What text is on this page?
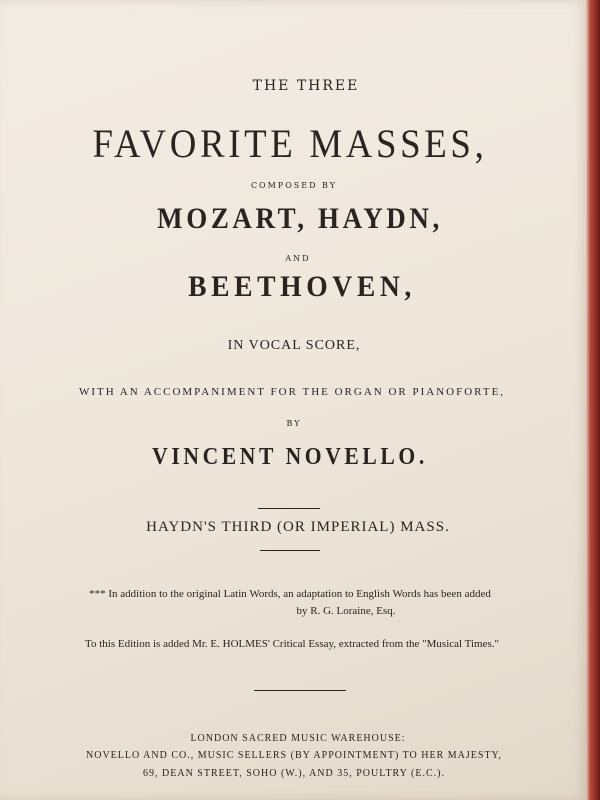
THE THREE
FAVORITE MASSES,
COMPOSED BY
MOZART, HAYDN,
AND
BEETHOVEN,
IN VOCAL SCORE,
WITH AN ACCOMPANIMENT FOR THE ORGAN OR PIANOFORTE,
BY
VINCENT NOVELLO.
HAYDN'S THIRD (OR IMPERIAL) MASS.
*** In addition to the original Latin Words, an adaptation to English Words has been added
by R. G. Loraine, Esq.
To this Edition is added Mr. E. HOLMES' Critical Essay, extracted from the "Musical Times."
LONDON SACRED MUSIC WAREHOUSE:
NOVELLO AND CO., MUSIC SELLERS (BY APPOINTMENT) TO HER MAJESTY,
69, DEAN STREET, SOHO (W.), AND 35, POULTRY (E.C.).
